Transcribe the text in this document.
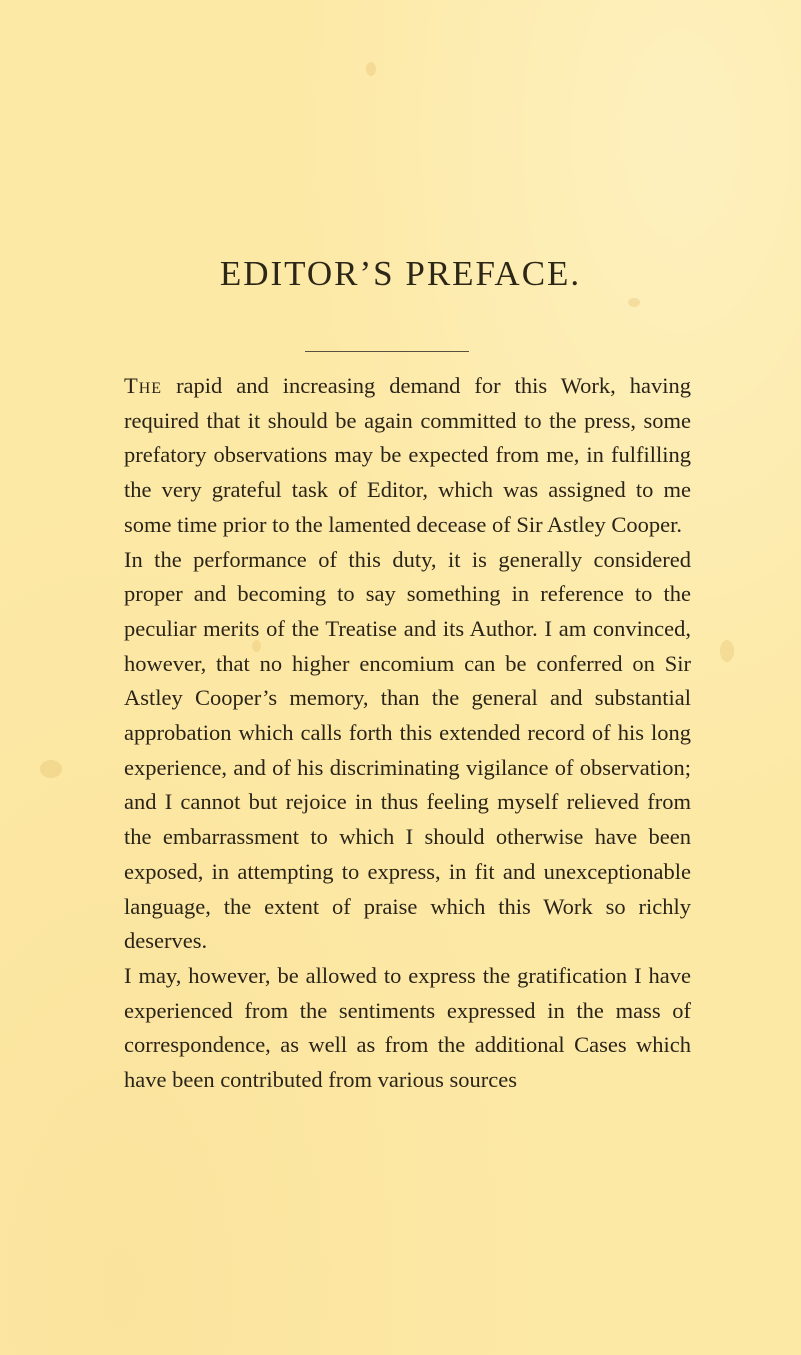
EDITOR’S PREFACE.

The rapid and increasing demand for this Work, having required that it should be again committed to the press, some prefatory observations may be expected from me, in fulfilling the very grateful task of Editor, which was assigned to me some time prior to the lamented decease of Sir Astley Cooper.

In the performance of this duty, it is generally considered proper and becoming to say something in reference to the peculiar merits of the Treatise and its Author. I am convinced, however, that no higher encomium can be conferred on Sir Astley Cooper’s memory, than the general and substantial approbation which calls forth this extended record of his long experience, and of his discriminating vigilance of observation; and I cannot but rejoice in thus feeling myself relieved from the embarrassment to which I should otherwise have been exposed, in attempting to express, in fit and unexceptionable language, the extent of praise which this Work so richly deserves.

I may, however, be allowed to express the gratification I have experienced from the sentiments expressed in the mass of correspondence, as well as from the additional Cases which have been contributed from various sources
